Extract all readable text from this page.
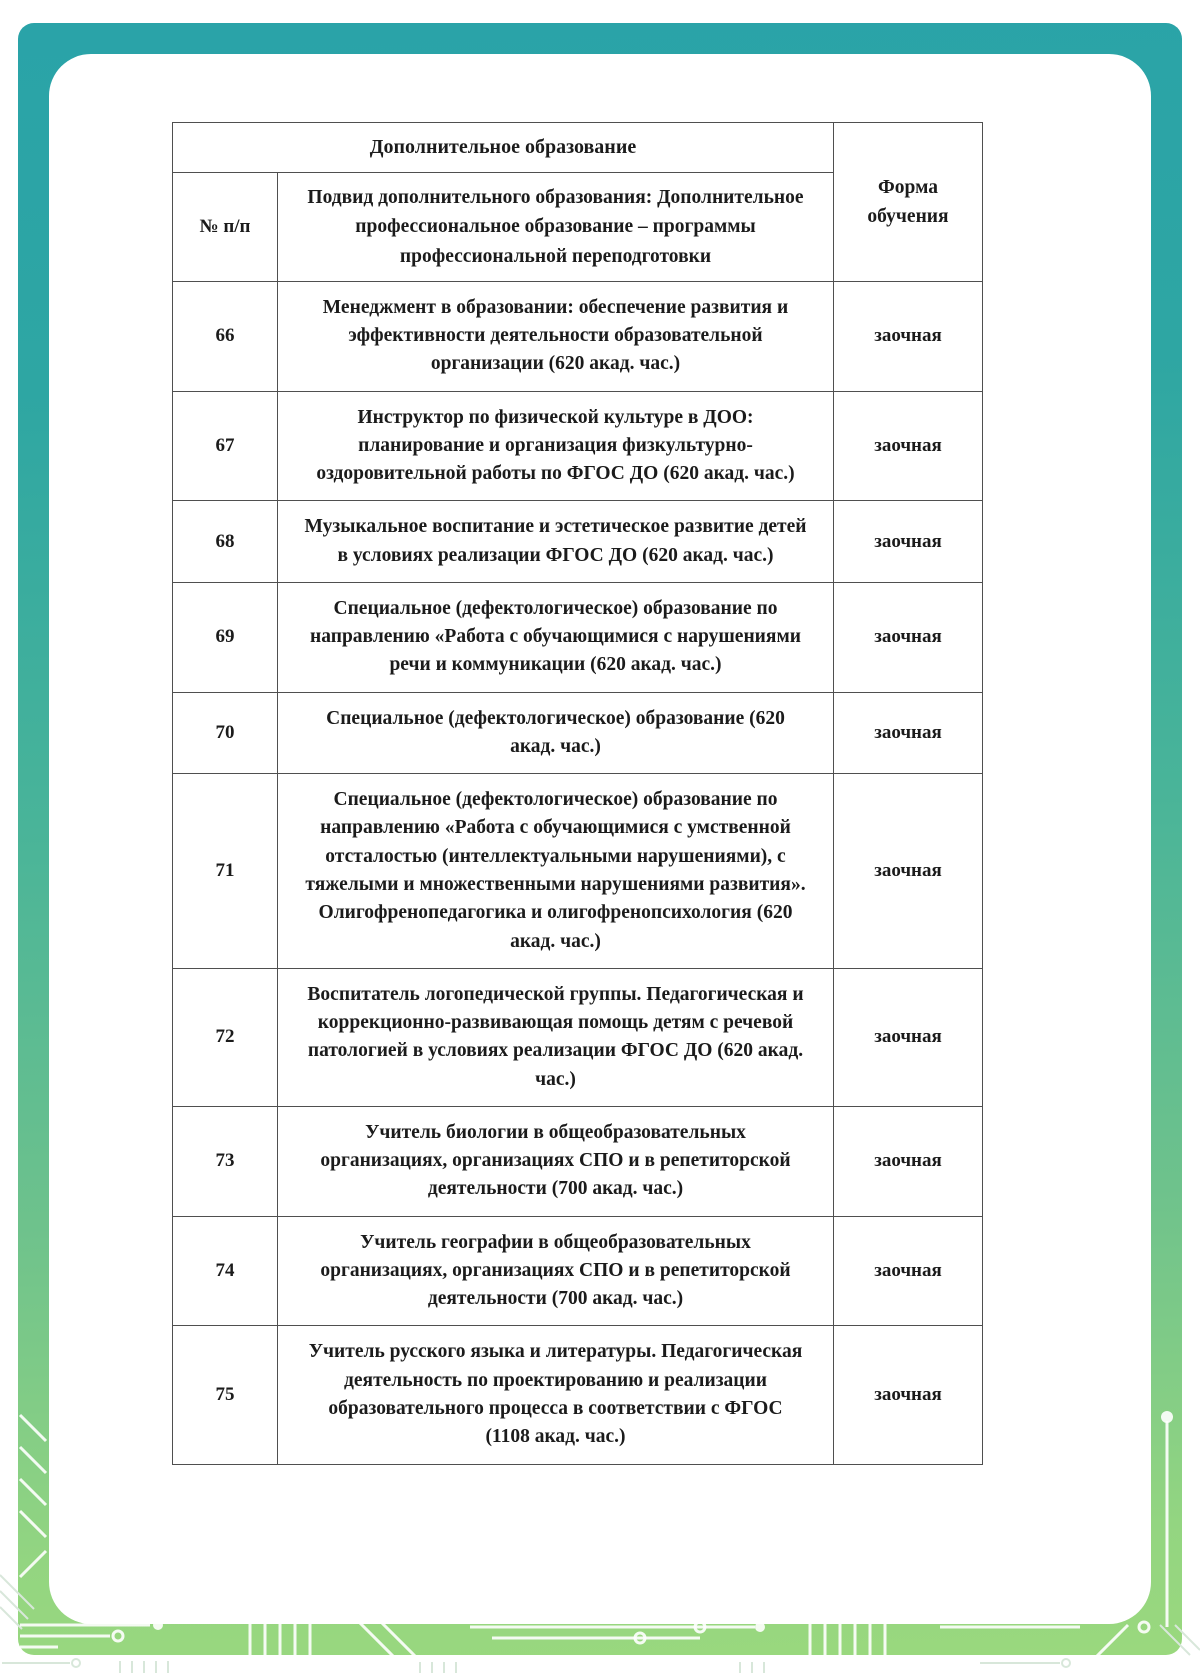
Дополнительное образование		Форма обучения
№ п/п	Подвид дополнительного образования: Дополнительное профессиональное образование – программы профессиональной переподготовки	
66	Менеджмент в образовании: обеспечение развития и эффективности деятельности образовательной организации (620 акад. час.)	заочная
67	Инструктор по физической культуре в ДОО: планирование и организация физкультурно-оздоровительной работы по ФГОС ДО (620 акад. час.)	заочная
68	Музыкальное воспитание и эстетическое развитие детей в условиях реализации ФГОС ДО (620 акад. час.)	заочная
69	Специальное (дефектологическое) образование по направлению «Работа с обучающимися с нарушениями речи и коммуникации (620 акад. час.)	заочная
70	Специальное (дефектологическое) образование (620 акад. час.)	заочная
71	Специальное (дефектологическое) образование по направлению «Работа с обучающимися с умственной отсталостью (интеллектуальными нарушениями), с тяжелыми и множественными нарушениями развития». Олигофренопедагогика и олигофренопсихология (620 акад. час.)	заочная
72	Воспитатель логопедической группы. Педагогическая и коррекционно-развивающая помощь детям с речевой патологией в условиях реализации ФГОС ДО (620 акад. час.)	заочная
73	Учитель биологии в общеобразовательных организациях, организациях СПО и в репетиторской деятельности (700 акад. час.)	заочная
74	Учитель географии в общеобразовательных организациях, организациях СПО и в репетиторской деятельности (700 акад. час.)	заочная
75	Учитель русского языка и литературы. Педагогическая деятельность по проектированию и реализации образовательного процесса в соответствии с ФГОС (1108 акад. час.)	заочная
